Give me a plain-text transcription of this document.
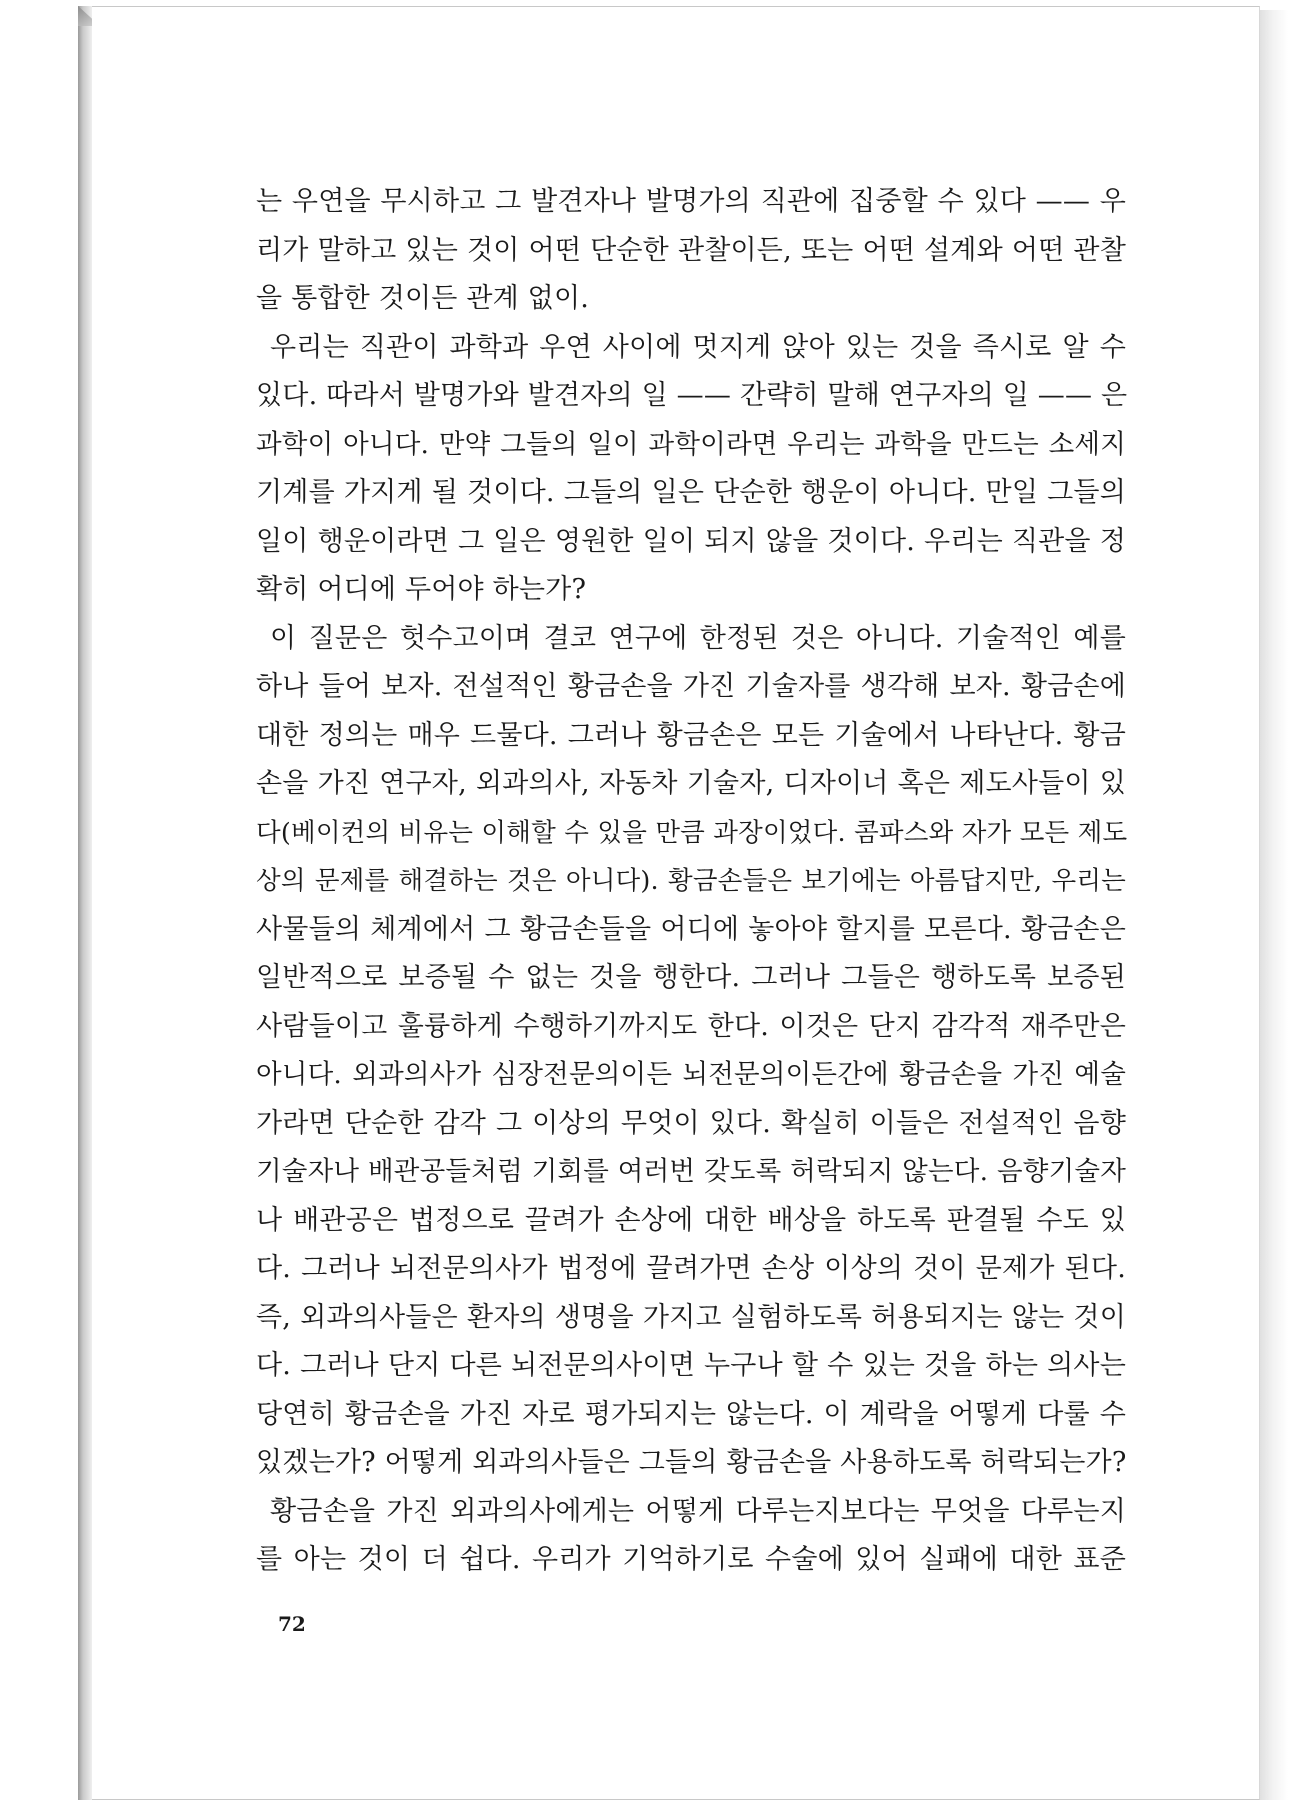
는 우연을 무시하고 그 발견자나 발명가의 직관에 집중할 수 있다 —— 우
리가 말하고 있는 것이 어떤 단순한 관찰이든, 또는 어떤 설계와 어떤 관찰
을 통합한 것이든 관계 없이.
우리는 직관이 과학과 우연 사이에 멋지게 앉아 있는 것을 즉시로 알 수
있다. 따라서 발명가와 발견자의 일 —— 간략히 말해 연구자의 일 —— 은
과학이 아니다. 만약 그들의 일이 과학이라면 우리는 과학을 만드는 소세지
기계를 가지게 될 것이다. 그들의 일은 단순한 행운이 아니다. 만일 그들의
일이 행운이라면 그 일은 영원한 일이 되지 않을 것이다. 우리는 직관을 정
확히 어디에 두어야 하는가?
이 질문은 헛수고이며 결코 연구에 한정된 것은 아니다. 기술적인 예를
하나 들어 보자. 전설적인 황금손을 가진 기술자를 생각해 보자. 황금손에
대한 정의는 매우 드물다. 그러나 황금손은 모든 기술에서 나타난다. 황금
손을 가진 연구자, 외과의사, 자동차 기술자, 디자이너 혹은 제도사들이 있
다(베이컨의 비유는 이해할 수 있을 만큼 과장이었다. 콤파스와 자가 모든 제도
상의 문제를 해결하는 것은 아니다). 황금손들은 보기에는 아름답지만, 우리는
사물들의 체계에서 그 황금손들을 어디에 놓아야 할지를 모른다. 황금손은
일반적으로 보증될 수 없는 것을 행한다. 그러나 그들은 행하도록 보증된
사람들이고 훌륭하게 수행하기까지도 한다. 이것은 단지 감각적 재주만은
아니다. 외과의사가 심장전문의이든 뇌전문의이든간에 황금손을 가진 예술
가라면 단순한 감각 그 이상의 무엇이 있다. 확실히 이들은 전설적인 음향
기술자나 배관공들처럼 기회를 여러번 갖도록 허락되지 않는다. 음향기술자
나 배관공은 법정으로 끌려가 손상에 대한 배상을 하도록 판결될 수도 있
다. 그러나 뇌전문의사가 법정에 끌려가면 손상 이상의 것이 문제가 된다.
즉, 외과의사들은 환자의 생명을 가지고 실험하도록 허용되지는 않는 것이
다. 그러나 단지 다른 뇌전문의사이면 누구나 할 수 있는 것을 하는 의사는
당연히 황금손을 가진 자로 평가되지는 않는다. 이 계락을 어떻게 다룰 수
있겠는가? 어떻게 외과의사들은 그들의 황금손을 사용하도록 허락되는가?
황금손을 가진 외과의사에게는 어떻게 다루는지보다는 무엇을 다루는지
를 아는 것이 더 쉽다. 우리가 기억하기로 수술에 있어 실패에 대한 표준
72
